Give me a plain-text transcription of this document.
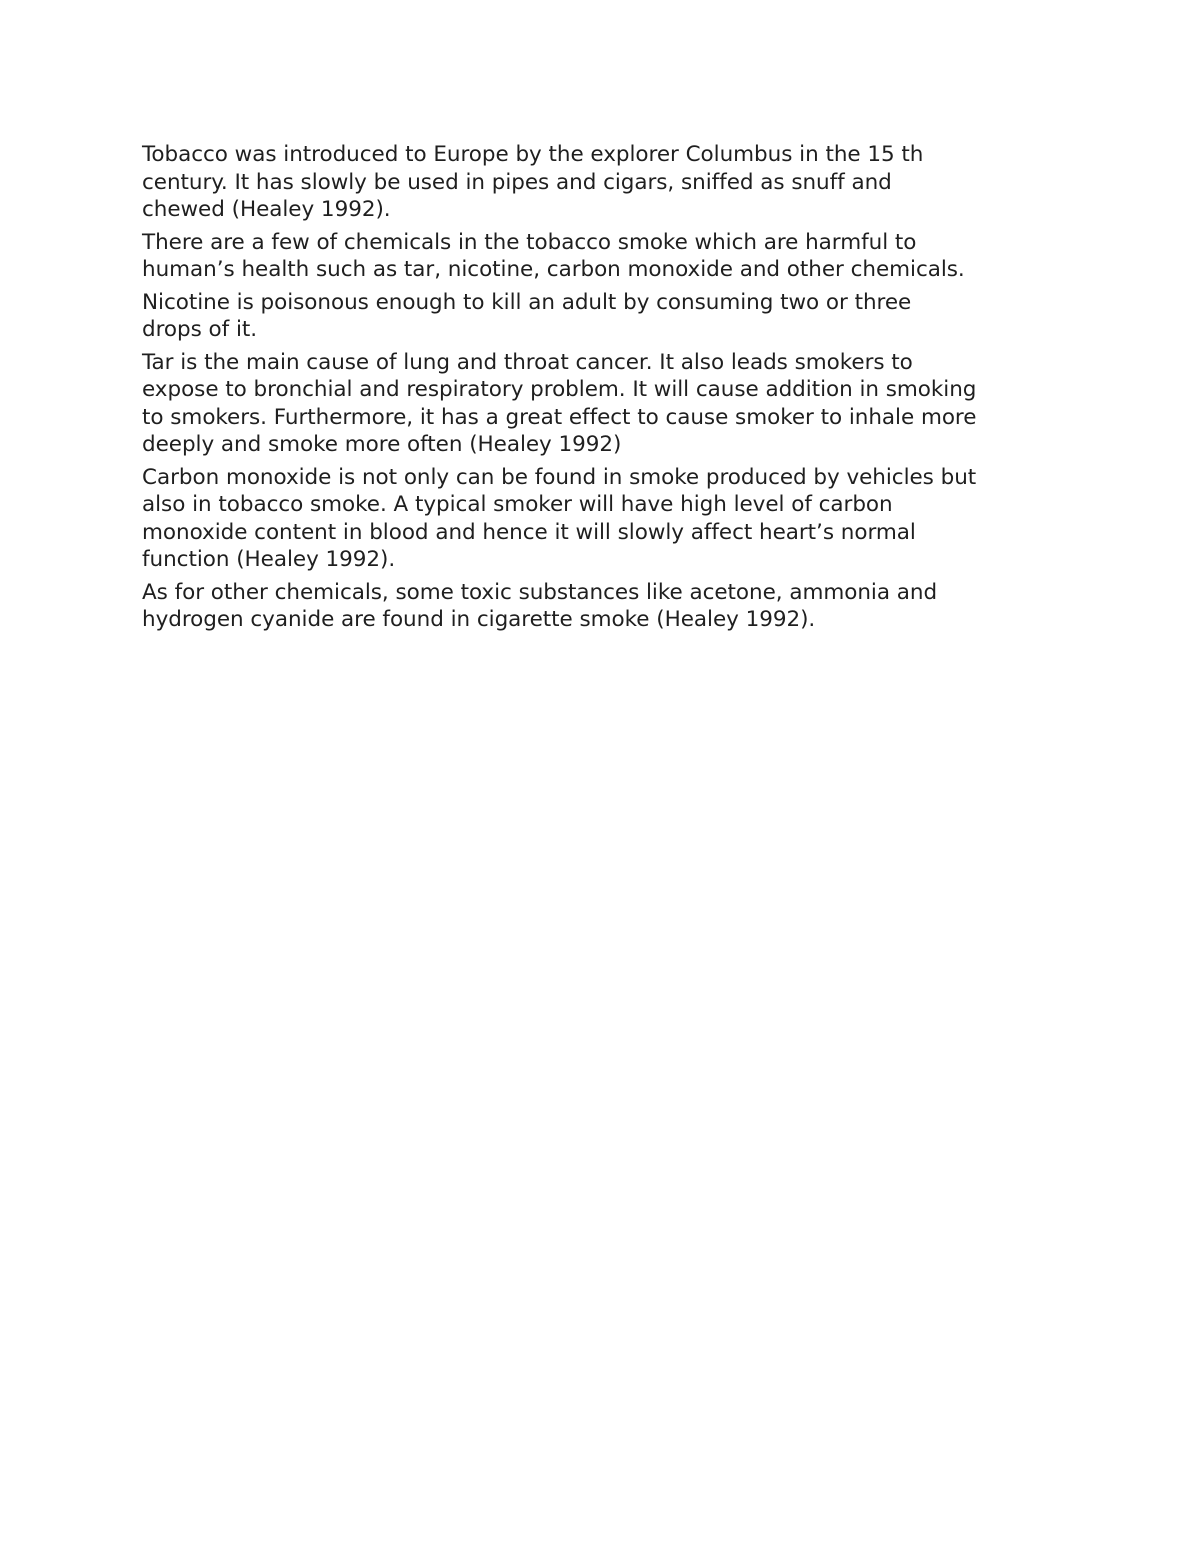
Tobacco was introduced to Europe by the explorer Columbus in the 15 th
century. It has slowly be used in pipes and cigars, sniffed as snuff and
chewed (Healey 1992).

There are a few of chemicals in the tobacco smoke which are harmful to
human’s health such as tar, nicotine, carbon monoxide and other chemicals.

Nicotine is poisonous enough to kill an adult by consuming two or three
drops of it.

Tar is the main cause of lung and throat cancer. It also leads smokers to
expose to bronchial and respiratory problem. It will cause addition in smoking
to smokers. Furthermore, it has a great effect to cause smoker to inhale more
deeply and smoke more often (Healey 1992)

Carbon monoxide is not only can be found in smoke produced by vehicles but
also in tobacco smoke. A typical smoker will have high level of carbon
monoxide content in blood and hence it will slowly affect heart’s normal
function (Healey 1992).

As for other chemicals, some toxic substances like acetone, ammonia and
hydrogen cyanide are found in cigarette smoke (Healey 1992).
